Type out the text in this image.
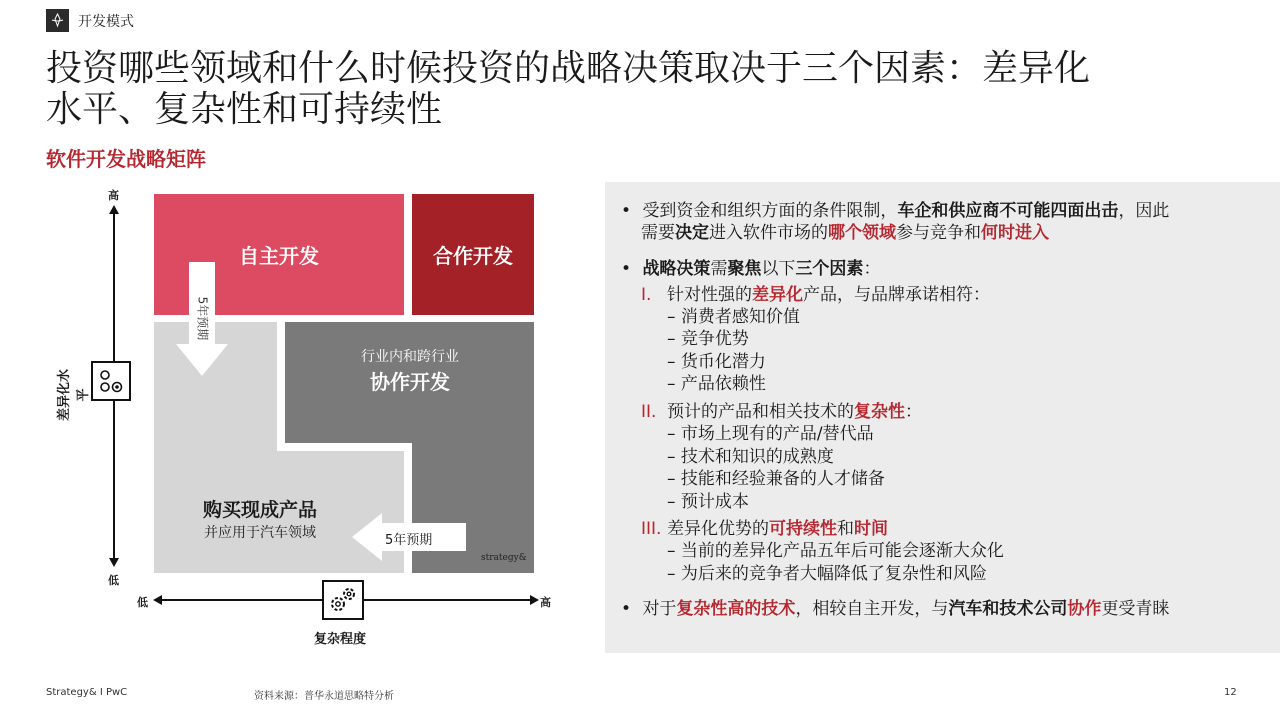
开发模式
投资哪些领域和什么时候投资的战略决策取决于三个因素：差异化
水平、复杂性和可持续性
软件开发战略矩阵
自主开发	合作开发
行业内和跨行业
协作开发
购买现成产品
并应用于汽车领域
5年预期
5年预期
strategy&
高
低
差异化水平
低	高
复杂程度
• 受到资金和组织方面的条件限制，车企和供应商不可能四面出击，因此
需要决定进入软件市场的哪个领域参与竞争和何时进入
• 战略决策需聚焦以下三个因素：
I. 针对性强的差异化产品，与品牌承诺相符：
– 消费者感知价值
– 竞争优势
– 货币化潜力
– 产品依赖性
II. 预计的产品和相关技术的复杂性：
– 市场上现有的产品/替代品
– 技术和知识的成熟度
– 技能和经验兼备的人才储备
– 预计成本
III. 差异化优势的可持续性和时间
– 当前的差异化产品五年后可能会逐渐大众化
– 为后来的竞争者大幅降低了复杂性和风险
• 对于复杂性高的技术，相较自主开发，与汽车和技术公司协作更受青睐
Strategy& I PwC	资料来源：普华永道思略特分析	12
